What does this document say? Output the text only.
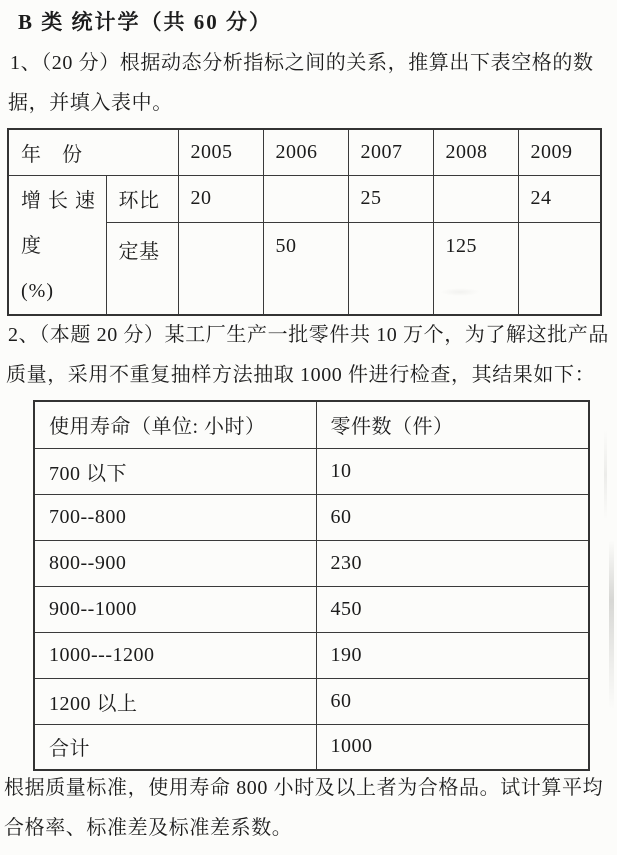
B 类 统计学（共 60 分）
1、（20 分）根据动态分析指标之间的关系，推算出下表空格的数
据，并填入表中。
年　份		2005	2006	2007	2008	2009

增 长 速
度
(%)	环比	20		25		24
	定基		50		125	
2、（本题 20 分）某工厂生产一批零件共 10 万个，为了解这批产品
质量，采用不重复抽样方法抽取 1000 件进行检查，其结果如下：
使用寿命（单位: 小时）	零件数（件）
700 以下	10
700--800	60
800--900	230
900--1000	450
1000---1200	190
1200 以上	60
合计	1000
根据质量标准，使用寿命 800 小时及以上者为合格品。试计算平均
合格率、标准差及标准差系数。
